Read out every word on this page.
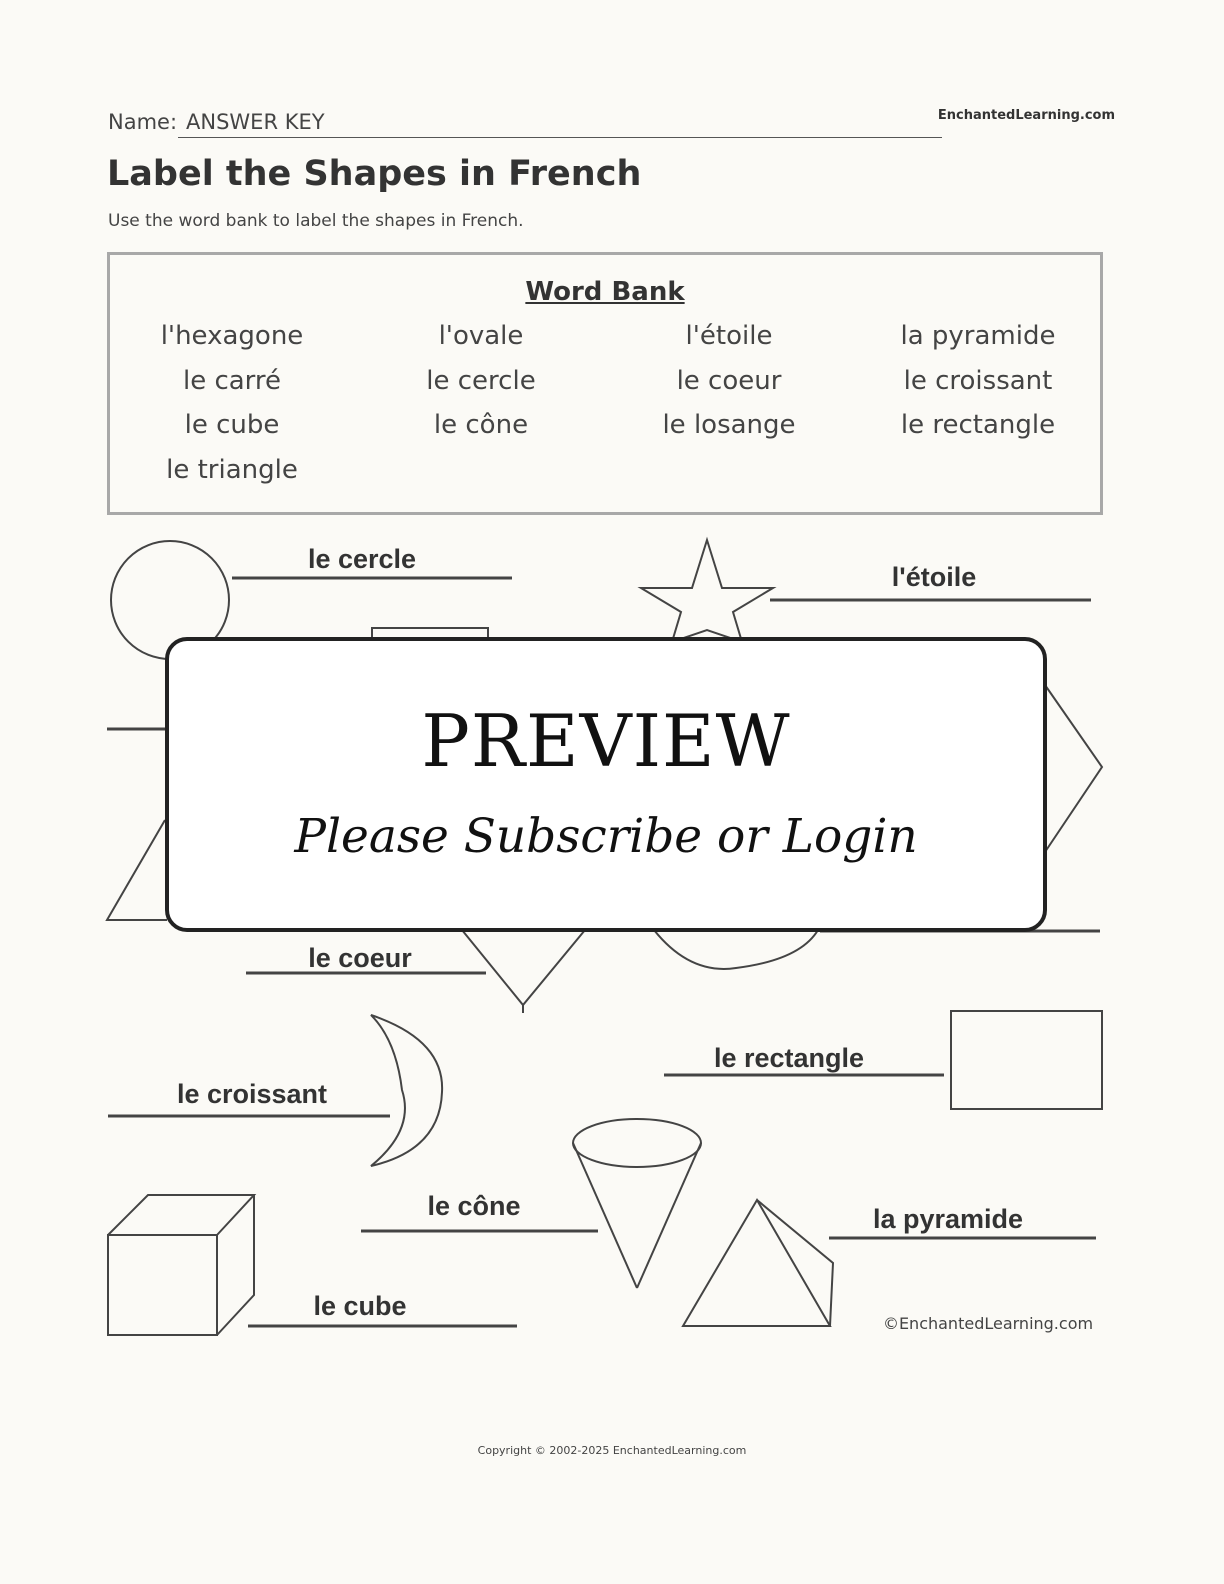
Name: ANSWER KEY	EnchantedLearning.com
Label the Shapes in French
Use the word bank to label the shapes in French.
Word Bank
l'hexagone	l'ovale	l'étoile	la pyramide
le carré	le cercle	le coeur	le croissant
le cube	le cône	le losange	le rectangle
le triangle
le cercle
l'étoile
le coeur
le rectangle
le croissant
le cône	la pyramide
le cube
©EnchantedLearning.com
PREVIEW
Please Subscribe or Login
Copyright © 2002-2025 EnchantedLearning.com
